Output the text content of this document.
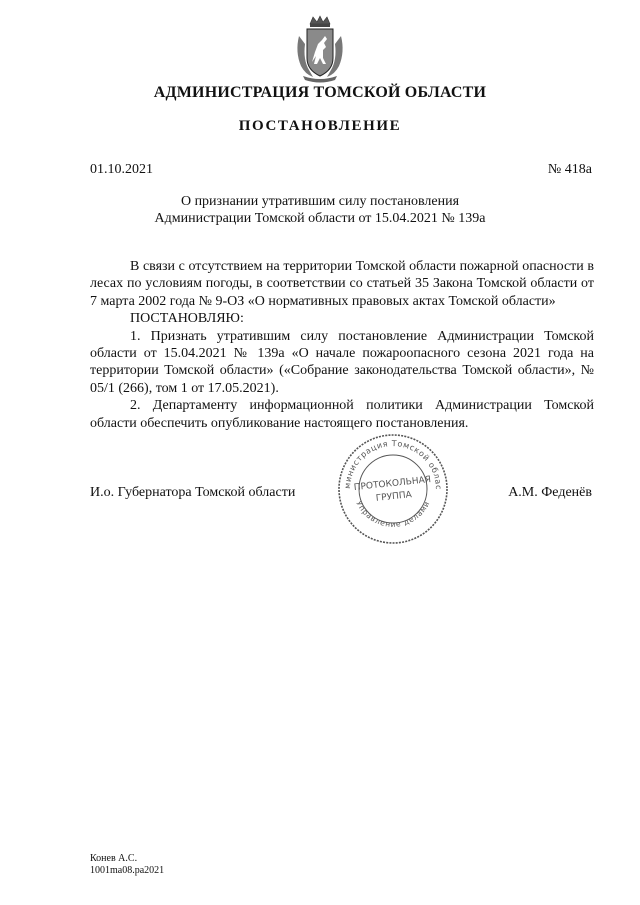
АДМИНИСТРАЦИЯ ТОМСКОЙ ОБЛАСТИ
ПОСТАНОВЛЕНИЕ
01.10.2021	№ 418а
О признании утратившим силу постановления
Администрации Томской области от 15.04.2021 № 139а

В связи с отсутствием на территории Томской области пожарной опасности в лесах по условиям погоды, в соответствии со статьей 35 Закона Томской области от 7 марта 2002 года № 9-ОЗ «О нормативных правовых актах Томской области»

ПОСТАНОВЛЯЮ:

1. Признать утратившим силу постановление Администрации Томской области от 15.04.2021 № 139а «О начале пожароопасного сезона 2021 года на территории Томской области» («Собрание законодательства Томской области», № 05/1 (266), том 1 от 17.05.2021).

2. Департаменту информационной политики Администрации Томской области обеспечить опубликование настоящего постановления.

И.о. Губернатора Томской области	А.М. Феденёв
министрация Томской облас
Управление делами
ПРОТОКОЛЬНАЯ
ГРУППА
Конев А.С.
1001ma08.ра2021
